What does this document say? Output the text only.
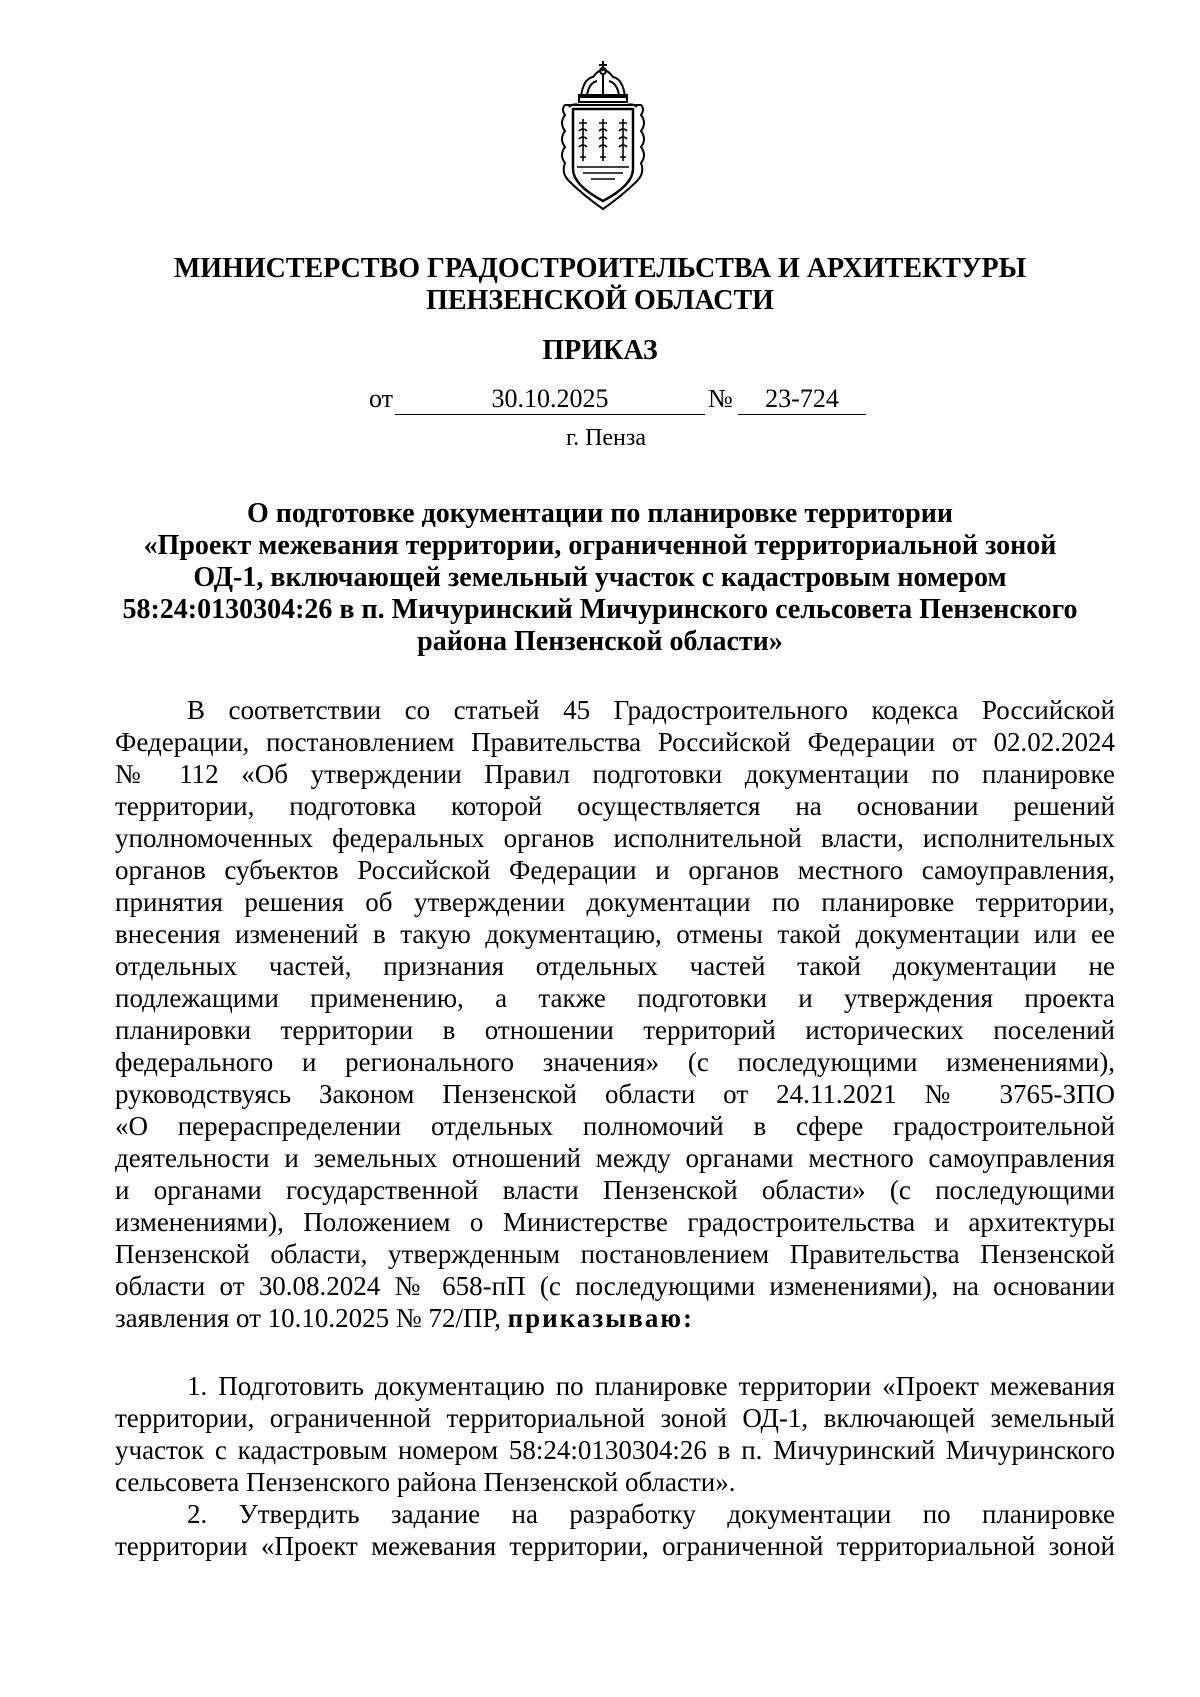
МИНИСТЕРСТВО ГРАДОСТРОИТЕЛЬСТВА И АРХИТЕКТУРЫ
ПЕНЗЕНСКОЙ ОБЛАСТИ
ПРИКАЗ
от	30.10.2025	№	23-724
г. Пенза
О подготовке документации по планировке территории
«Проект межевания территории, ограниченной территориальной зоной
ОД-1, включающей земельный участок с кадастровым номером
58:24:0130304:26 в п. Мичуринский Мичуринского сельсовета Пензенского
района Пензенской области»
В соответствии со статьей 45 Градостроительного кодекса Российской
Федерации, постановлением Правительства Российской Федерации от 02.02.2024
№ 112 «Об утверждении Правил подготовки документации по планировке
территории, подготовка которой осуществляется на основании решений
уполномоченных федеральных органов исполнительной власти, исполнительных
органов субъектов Российской Федерации и органов местного самоуправления,
принятия решения об утверждении документации по планировке территории,
внесения изменений в такую документацию, отмены такой документации или ее
отдельных частей, признания отдельных частей такой документации не
подлежащими применению, а также подготовки и утверждения проекта
планировки территории в отношении территорий исторических поселений
федерального и регионального значения» (с последующими изменениями),
руководствуясь Законом Пензенской области от 24.11.2021 № 3765-ЗПО
«О перераспределении отдельных полномочий в сфере градостроительной
деятельности и земельных отношений между органами местного самоуправления
и органами государственной власти Пензенской области» (с последующими
изменениями), Положением о Министерстве градостроительства и архитектуры
Пензенской области, утвержденным постановлением Правительства Пензенской
области от 30.08.2024 № 658-пП (с последующими изменениями), на основании
заявления от 10.10.2025 № 72/ПР, приказываю:
1. Подготовить документацию по планировке территории «Проект межевания
территории, ограниченной территориальной зоной ОД-1, включающей земельный
участок с кадастровым номером 58:24:0130304:26 в п. Мичуринский Мичуринского
сельсовета Пензенского района Пензенской области».
2. Утвердить задание на разработку документации по планировке
территории «Проект межевания территории, ограниченной территориальной зоной
